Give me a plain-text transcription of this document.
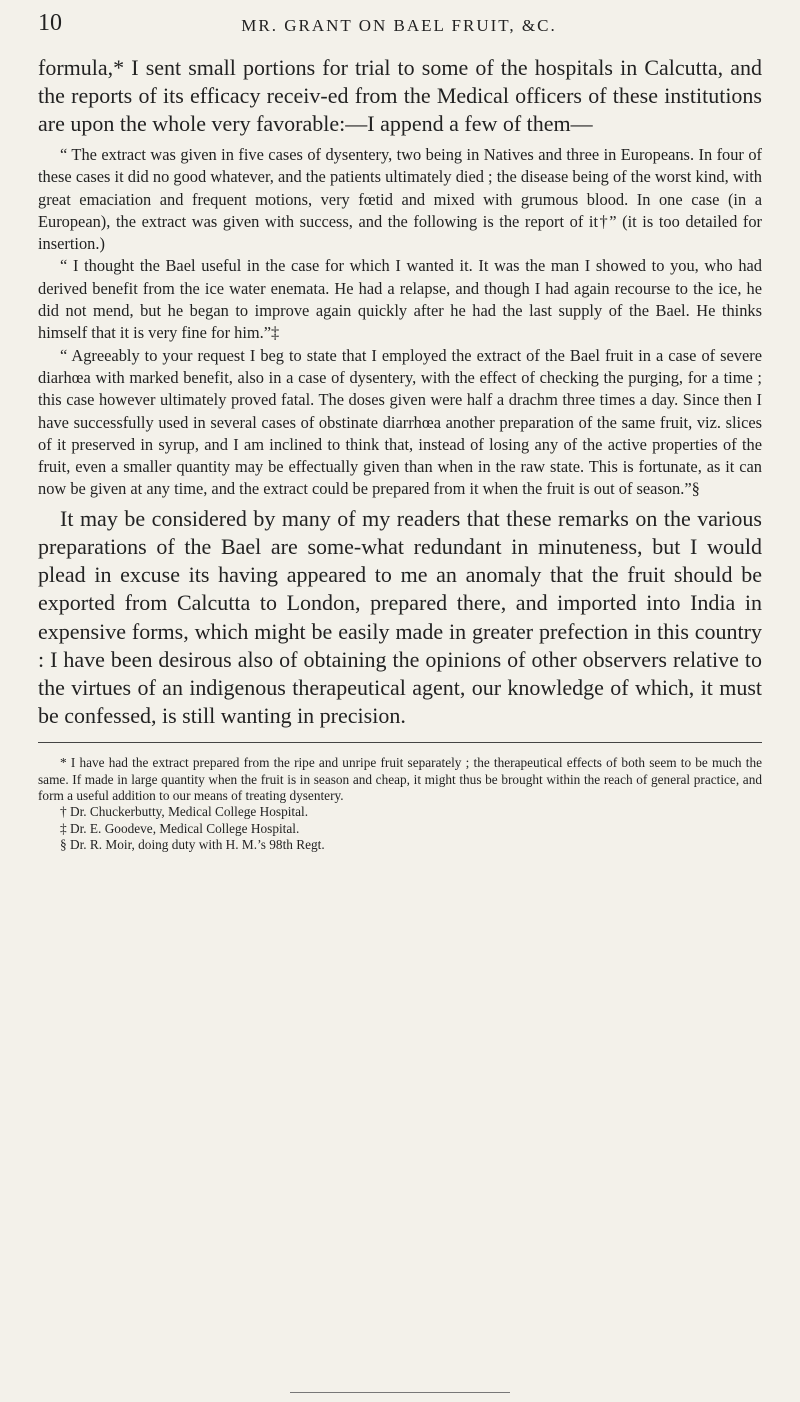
10	MR. GRANT ON BAEL FRUIT, &C.

formula,* I sent small portions for trial to some of the hospitals in Calcutta, and the reports of its efficacy receiv-ed from the Medical officers of these institutions are upon the whole very favorable:—I append a few of them—

“ The extract was given in five cases of dysentery, two being in Natives and three in Europeans. In four of these cases it did no good whatever, and the patients ultimately died ; the disease being of the worst kind, with great emaciation and frequent motions, very fœtid and mixed with grumous blood. In one case (in a European), the extract was given with success, and the following is the report of it†” (it is too detailed for insertion.)

“ I thought the Bael useful in the case for which I wanted it. It was the man I showed to you, who had derived benefit from the ice water enemata. He had a relapse, and though I had again recourse to the ice, he did not mend, but he began to improve again quickly after he had the last supply of the Bael. He thinks himself that it is very fine for him.”‡

“ Agreeably to your request I beg to state that I employed the extract of the Bael fruit in a case of severe diarhœa with marked benefit, also in a case of dysentery, with the effect of checking the purging, for a time ; this case however ultimately proved fatal. The doses given were half a drachm three times a day. Since then I have successfully used in several cases of obstinate diarrhœa another preparation of the same fruit, viz. slices of it preserved in syrup, and I am inclined to think that, instead of losing any of the active properties of the fruit, even a smaller quantity may be effectually given than when in the raw state. This is fortunate, as it can now be given at any time, and the extract could be prepared from it when the fruit is out of season.”§

It may be considered by many of my readers that these remarks on the various preparations of the Bael are some-what redundant in minuteness, but I would plead in excuse its having appeared to me an anomaly that the fruit should be exported from Calcutta to London, prepared there, and imported into India in expensive forms, which might be easily made in greater prefection in this country : I have been desirous also of obtaining the opinions of other observers relative to the virtues of an indigenous therapeutical agent, our knowledge of which, it must be confessed, is still wanting in precision.

* I have had the extract prepared from the ripe and unripe fruit separately ; the therapeutical effects of both seem to be much the same. If made in large quantity when the fruit is in season and cheap, it might thus be brought within the reach of general practice, and form a useful addition to our means of treating dysentery.

† Dr. Chuckerbutty, Medical College Hospital.

‡ Dr. E. Goodeve, Medical College Hospital.

§ Dr. R. Moir, doing duty with H. M.’s 98th Regt.
